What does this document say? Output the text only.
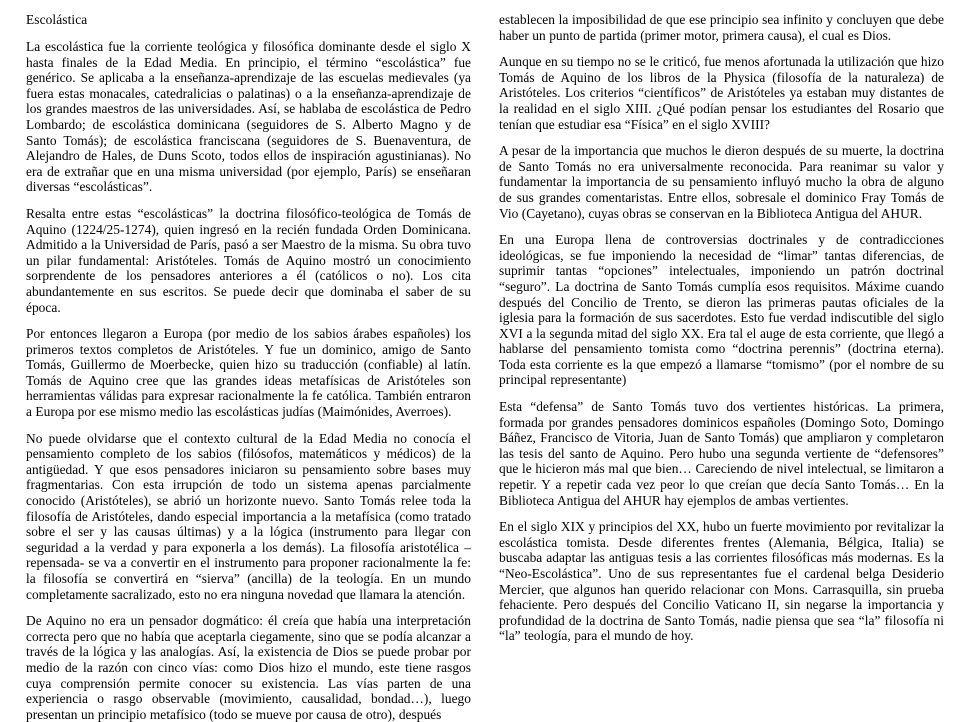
Escolástica

La escolástica fue la corriente teológica y filosófica dominante desde el siglo X hasta finales de la Edad Media. En principio, el término “escolástica” fue genérico. Se aplicaba a la enseñanza-aprendizaje de las escuelas medievales (ya fuera estas monacales, catedralicias o palatinas) o a la enseñanza-aprendizaje de los grandes maestros de las universidades. Así, se hablaba de escolástica de Pedro Lombardo; de escolástica dominicana (seguidores de S. Alberto Magno y de Santo Tomás); de escolástica franciscana (seguidores de S. Buenaventura, de Alejandro de Hales, de Duns Scoto, todos ellos de inspiración agustinianas). No era de extrañar que en una misma universidad (por ejemplo, París) se enseñaran diversas “escolásticas”.

Resalta entre estas “escolásticas” la doctrina filosófico-teológica de Tomás de Aquino (1224/25-1274), quien ingresó en la recién fundada Orden Dominicana. Admitido a la Universidad de París, pasó a ser Maestro de la misma. Su obra tuvo un pilar fundamental: Aristóteles. Tomás de Aquino mostró un conocimiento sorprendente de los pensadores anteriores a él (católicos o no). Los cita abundantemente en sus escritos. Se puede decir que dominaba el saber de su época.

Por entonces llegaron a Europa (por medio de los sabios árabes españoles) los primeros textos completos de Aristóteles. Y fue un dominico, amigo de Santo Tomás, Guillermo de Moerbecke, quien hizo su traducción (confiable) al latín. Tomás de Aquino cree que las grandes ideas metafísicas de Aristóteles son herramientas válidas para expresar racionalmente la fe católica. También entraron a Europa por ese mismo medio las escolásticas judías (Maimónides, Averroes).

No puede olvidarse que el contexto cultural de la Edad Media no conocía el pensamiento completo de los sabios (filósofos, matemáticos y médicos) de la antigüedad. Y que esos pensadores iniciaron su pensamiento sobre bases muy fragmentarias. Con esta irrupción de todo un sistema apenas parcialmente conocido (Aristóteles), se abrió un horizonte nuevo. Santo Tomás relee toda la filosofía de Aristóteles, dando especial importancia a la metafísica (como tratado sobre el ser y las causas últimas) y a la lógica (instrumento para llegar con seguridad a la verdad y para exponerla a los demás). La filosofía aristotélica –repensada- se va a convertir en el instrumento para proponer racionalmente la fe: la filosofía se convertirá en “sierva” (ancilla) de la teología. En un mundo completamente sacralizado, esto no era ninguna novedad que llamara la atención.

De Aquino no era un pensador dogmático: él creía que había una interpretación correcta pero que no había que aceptarla ciegamente, sino que se podía alcanzar a través de la lógica y las analogías. Así, la existencia de Dios se puede probar por medio de la razón con cinco vías: como Dios hizo el mundo, este tiene rasgos cuya comprensión permite conocer su existencia. Las vías parten de una experiencia o rasgo observable (movimiento, causalidad, bondad…), luego presentan un principio metafísico (todo se mueve por causa de otro), después

establecen la imposibilidad de que ese principio sea infinito y concluyen que debe haber un punto de partida (primer motor, primera causa), el cual es Dios.

Aunque en su tiempo no se le criticó, fue menos afortunada la utilización que hizo Tomás de Aquino de los libros de la Physica (filosofía de la naturaleza) de Aristóteles. Los criterios “científicos” de Aristóteles ya estaban muy distantes de la realidad en el siglo XIII. ¿Qué podían pensar los estudiantes del Rosario que tenían que estudiar esa “Física” en el siglo XVIII?

A pesar de la importancia que muchos le dieron después de su muerte, la doctrina de Santo Tomás no era universalmente reconocida. Para reanimar su valor y fundamentar la importancia de su pensamiento influyó mucho la obra de alguno de sus grandes comentaristas. Entre ellos, sobresale el dominico Fray Tomás de Vio (Cayetano), cuyas obras se conservan en la Biblioteca Antigua del AHUR.

En una Europa llena de controversias doctrinales y de contradicciones ideológicas, se fue imponiendo la necesidad de “limar” tantas diferencias, de suprimir tantas “opciones” intelectuales, imponiendo un patrón doctrinal “seguro”. La doctrina de Santo Tomás cumplía esos requisitos. Máxime cuando después del Concilio de Trento, se dieron las primeras pautas oficiales de la iglesia para la formación de sus sacerdotes. Esto fue verdad indiscutible del siglo XVI a la segunda mitad del siglo XX. Era tal el auge de esta corriente, que llegó a hablarse del pensamiento tomista como “doctrina perennis” (doctrina eterna). Toda esta corriente es la que empezó a llamarse “tomismo” (por el nombre de su principal representante)

Esta “defensa” de Santo Tomás tuvo dos vertientes históricas. La primera, formada por grandes pensadores dominicos españoles (Domingo Soto, Domingo Báñez, Francisco de Vitoria, Juan de Santo Tomás) que ampliaron y completaron las tesis del santo de Aquino. Pero hubo una segunda vertiente de “defensores” que le hicieron más mal que bien… Careciendo de nivel intelectual, se limitaron a repetir. Y a repetir cada vez peor lo que creían que decía Santo Tomás… En la Biblioteca Antigua del AHUR hay ejemplos de ambas vertientes.

En el siglo XIX y principios del XX, hubo un fuerte movimiento por revitalizar la escolástica tomista. Desde diferentes frentes (Alemania, Bélgica, Italia) se buscaba adaptar las antiguas tesis a las corrientes filosóficas más modernas. Es la “Neo-Escolástica”. Uno de sus representantes fue el cardenal belga Desiderio Mercier, que algunos han querido relacionar con Mons. Carrasquilla, sin prueba fehaciente. Pero después del Concilio Vaticano II, sin negarse la importancia y profundidad de la doctrina de Santo Tomás, nadie piensa que sea “la” filosofía ni “la” teología, para el mundo de hoy.
